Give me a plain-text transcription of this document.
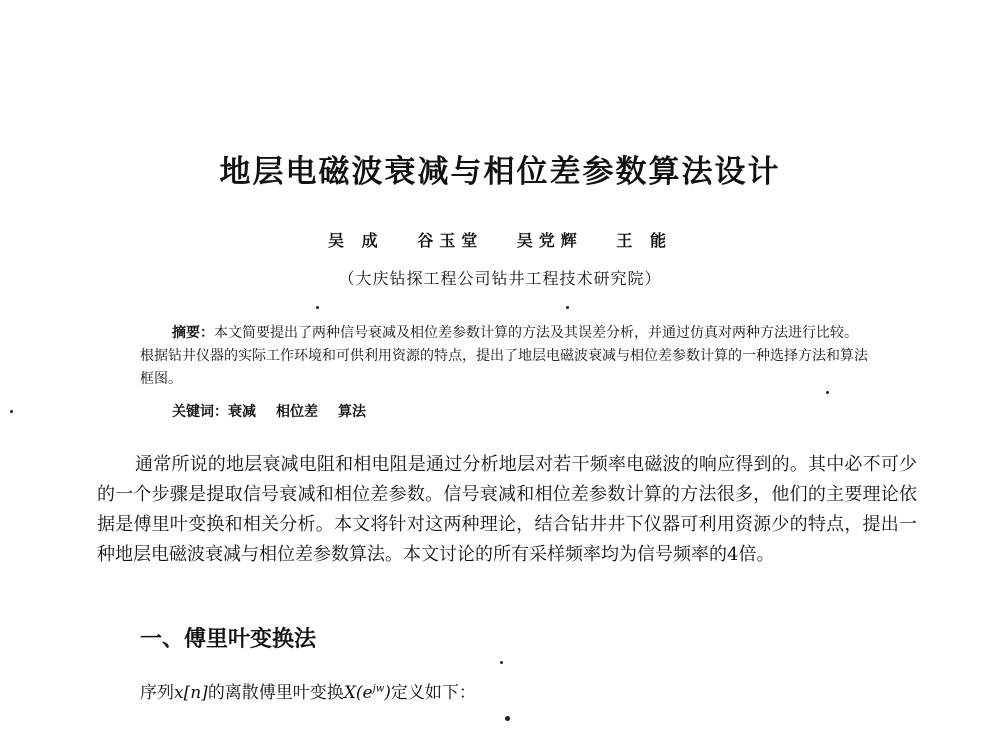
地层电磁波衰减与相位差参数算法设计
吴 成 谷玉堂 吴党辉 王 能
（大庆钻探工程公司钻井工程技术研究院）
摘要：本文简要提出了两种信号衰减及相位差参数计算的方法及其误差分析，并通过仿真对两种方法进行比较。根据钻井仪器的实际工作环境和可供利用资源的特点，提出了地层电磁波衰减与相位差参数计算的一种选择方法和算法框图。
关键词：衰减 相位差 算法
通常所说的地层衰减电阻和相电阻是通过分析地层对若干频率电磁波的响应得到的。其中必不可少的一个步骤是提取信号衰减和相位差参数。信号衰减和相位差参数计算的方法很多，他们的主要理论依据是傅里叶变换和相关分析。本文将针对这两种理论，结合钻井井下仪器可利用资源少的特点，提出一种地层电磁波衰减与相位差参数算法。本文讨论的所有采样频率均为信号频率的4倍。
一、傅里叶变换法
序列x[n]的离散傅里叶变换$X(e^{jw})$定义如下：
